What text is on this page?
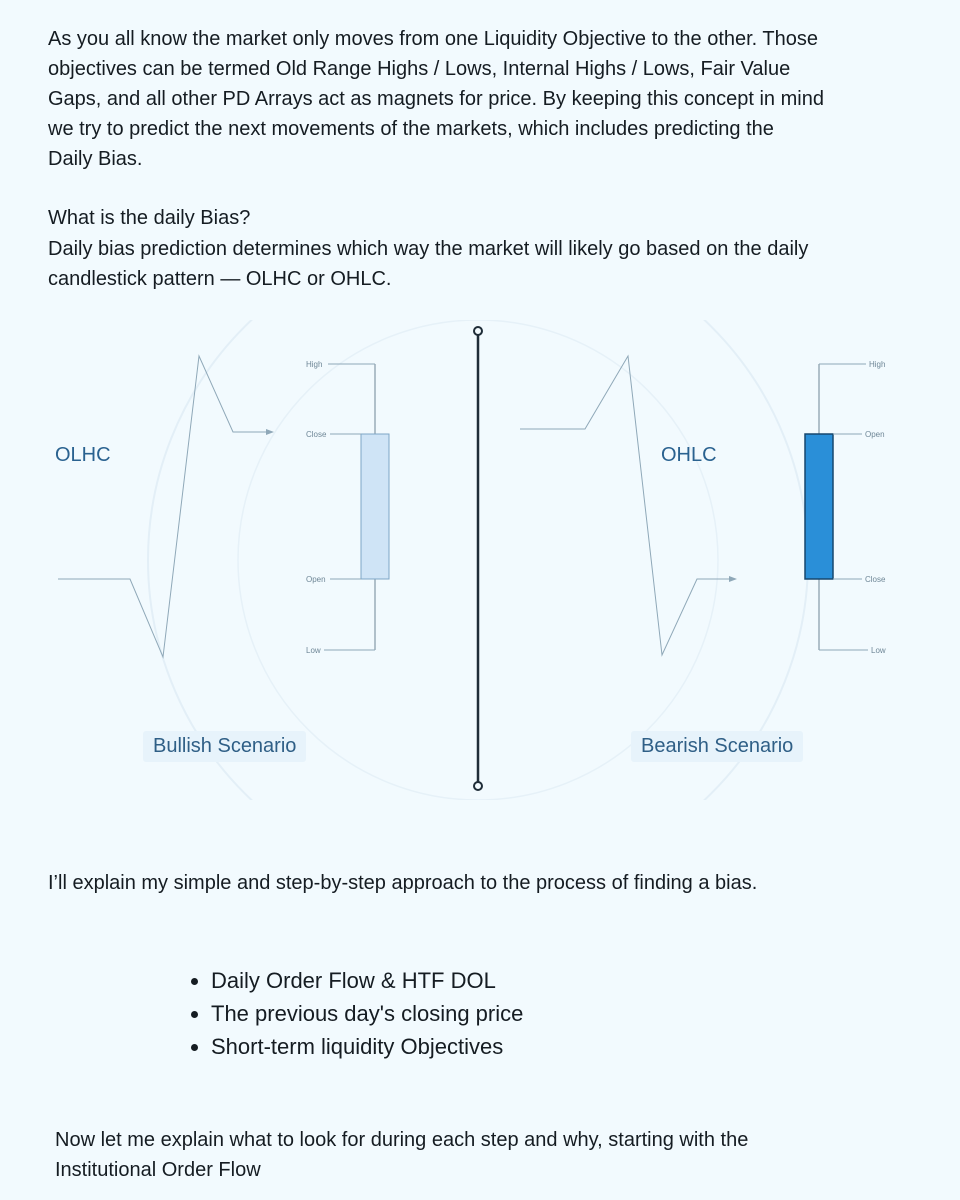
As you all know the market only moves from one Liquidity Objective to the other. Those
objectives can be termed Old Range Highs / Lows, Internal Highs / Lows, Fair Value
Gaps, and all other PD Arrays act as magnets for price. By keeping this concept in mind
we try to predict the next movements of the markets, which includes predicting the
Daily Bias.
What is the daily Bias?
Daily bias prediction determines which way the market will likely go based on the daily
candlestick pattern — OLHC or OHLC.
High
Close
Open
Low
High
Open
Close
Low
OLHC	OHLC
Bullish Scenario	Bearish Scenario
I’ll explain my simple and step-by-step approach to the process of finding a bias.
• Daily Order Flow & HTF DOL
• The previous day's closing price
• Short-term liquidity Objectives
Now let me explain what to look for during each step and why, starting with the
Institutional Order Flow
